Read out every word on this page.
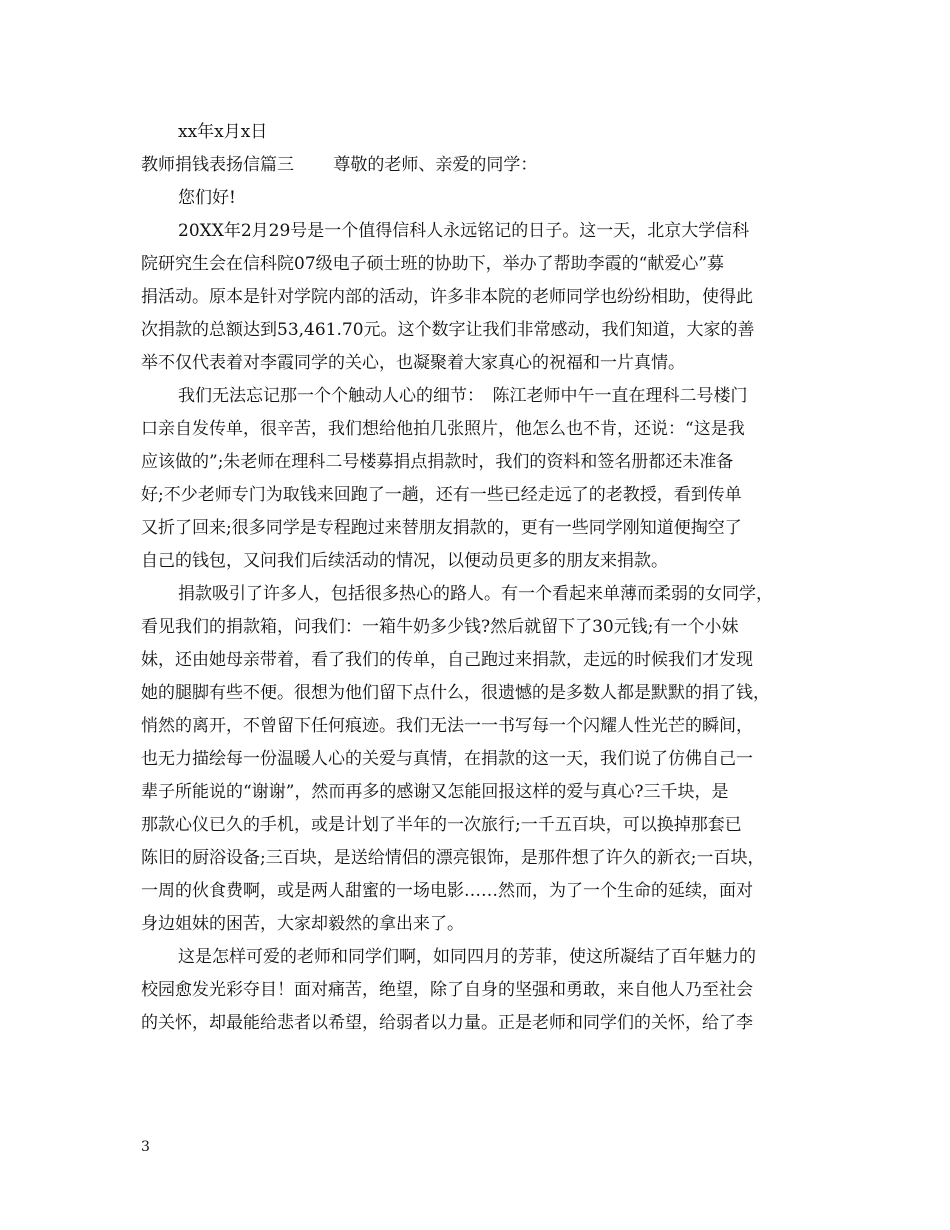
xx年x月x日
教师捐钱表扬信篇三　　 尊敬的老师、亲爱的同学：
您们好!
20XX年2月29号是一个值得信科人永远铭记的日子。这一天，北京大学信科
院研究生会在信科院07级电子硕士班的协助下，举办了帮助李霞的“献爱心”募
捐活动。原本是针对学院内部的活动，许多非本院的老师同学也纷纷相助，使得此
次捐款的总额达到53,461.70元。这个数字让我们非常感动，我们知道，大家的善
举不仅代表着对李霞同学的关心，也凝聚着大家真心的祝福和一片真情。
我们无法忘记那一个个触动人心的细节：　陈江老师中午一直在理科二号楼门
口亲自发传单，很辛苦，我们想给他拍几张照片，他怎么也不肯，还说：“这是我
应该做的”;朱老师在理科二号楼募捐点捐款时，我们的资料和签名册都还未准备
好;不少老师专门为取钱来回跑了一趟，还有一些已经走远了的老教授，看到传单
又折了回来;很多同学是专程跑过来替朋友捐款的，更有一些同学刚知道便掏空了
自己的钱包，又问我们后续活动的情况，以便动员更多的朋友来捐款。
捐款吸引了许多人，包括很多热心的路人。有一个看起来单薄而柔弱的女同学，
看见我们的捐款箱，问我们：一箱牛奶多少钱?然后就留下了30元钱;有一个小妹
妹，还由她母亲带着，看了我们的传单，自己跑过来捐款，走远的时候我们才发现
她的腿脚有些不便。很想为他们留下点什么，很遗憾的是多数人都是默默的捐了钱，
悄然的离开，不曾留下任何痕迹。我们无法一一书写每一个闪耀人性光芒的瞬间，
也无力描绘每一份温暖人心的关爱与真情，在捐款的这一天，我们说了仿佛自己一
辈子所能说的“谢谢”，然而再多的感谢又怎能回报这样的爱与真心?三千块，是
那款心仪已久的手机，或是计划了半年的一次旅行;一千五百块，可以换掉那套已
陈旧的厨浴设备;三百块，是送给情侣的漂亮银饰，是那件想了许久的新衣;一百块，
一周的伙食费啊，或是两人甜蜜的一场电影……然而，为了一个生命的延续，面对
身边姐妹的困苦，大家却毅然的拿出来了。
这是怎样可爱的老师和同学们啊，如同四月的芳菲，使这所凝结了百年魅力的
校园愈发光彩夺目！面对痛苦，绝望，除了自身的坚强和勇敢，来自他人乃至社会
的关怀，却最能给悲者以希望，给弱者以力量。正是老师和同学们的关怀，给了李
3
